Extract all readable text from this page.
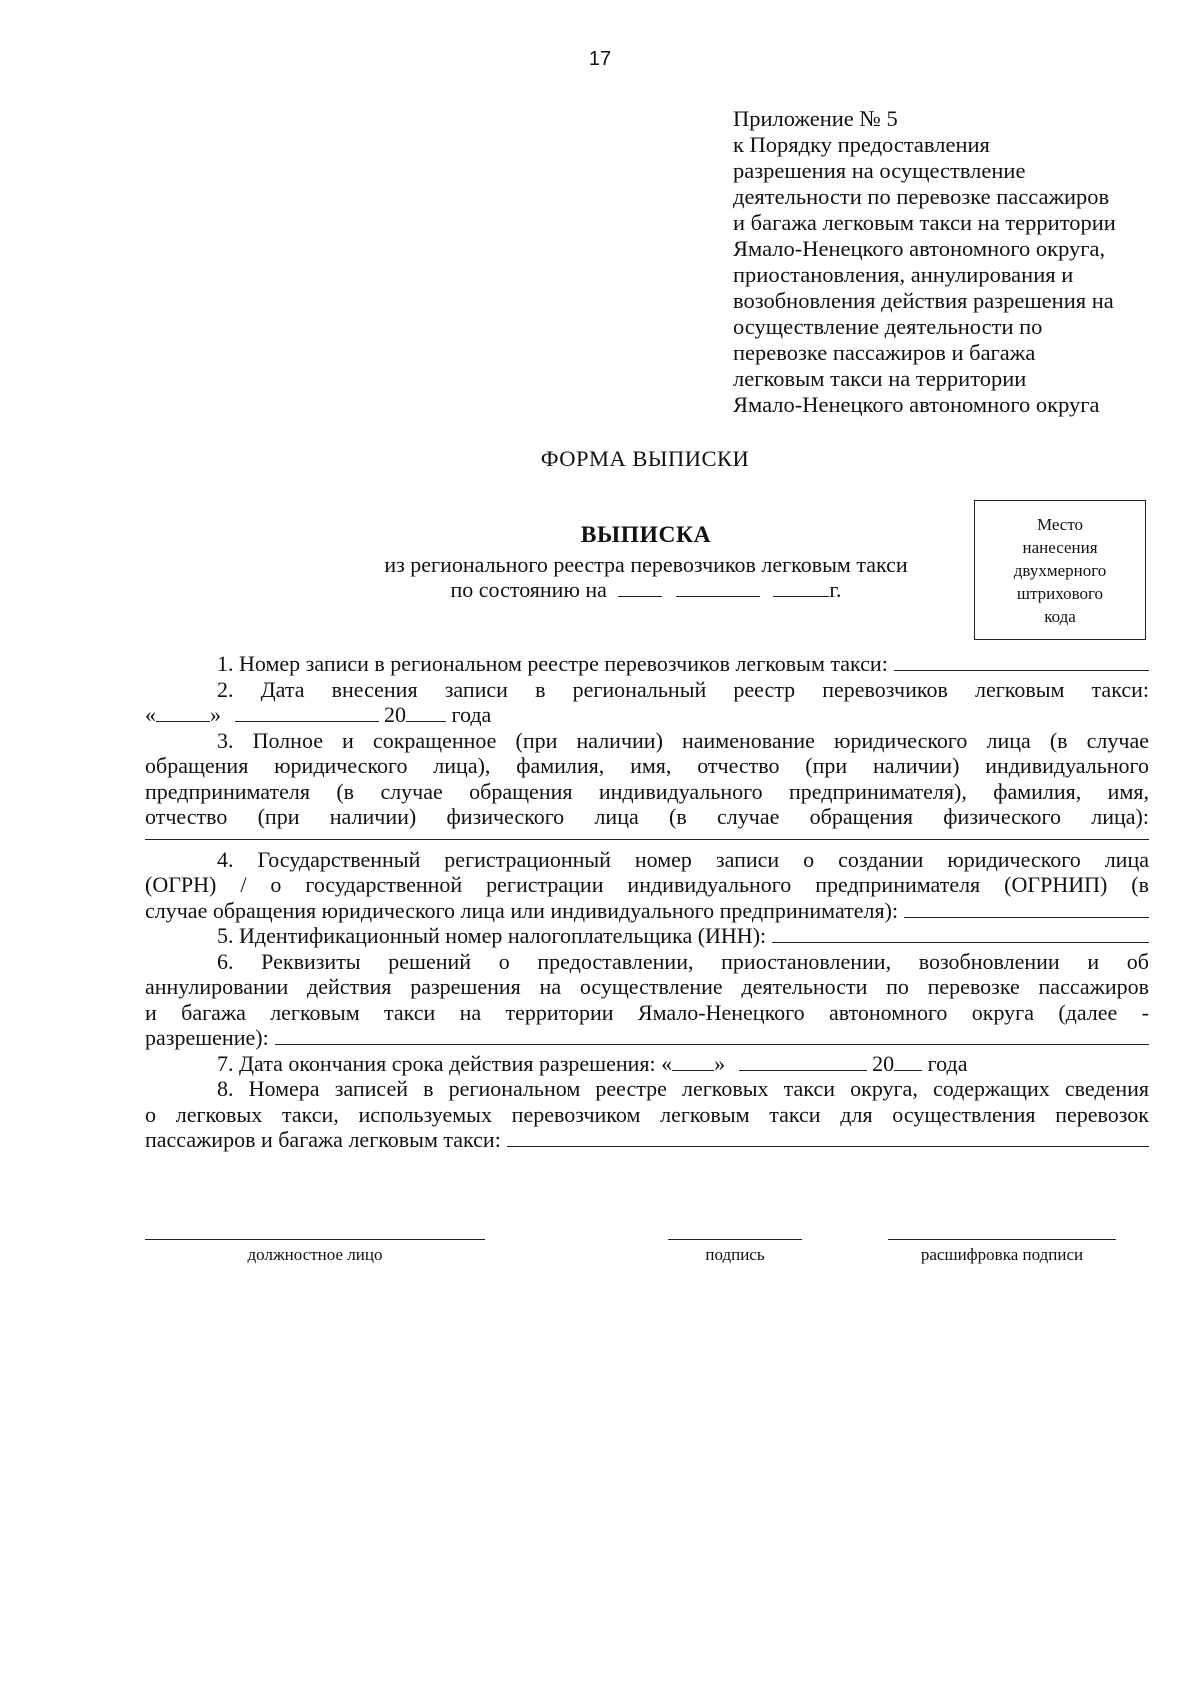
17
Приложение № 5
к Порядку предоставления
разрешения на осуществление
деятельности по перевозке пассажиров
и багажа легковым такси на территории
Ямало-Ненецкого автономного округа,
приостановления, аннулирования и
возобновления действия разрешения на
осуществление деятельности по
перевозке пассажиров и багажа
легковым такси на территории
Ямало-Ненецкого автономного округа
ФОРМА ВЫПИСКИ
Место
нанесения
двухмерного
штрихового
кода
ВЫПИСКА
из регионального реестра перевозчиков легковым такси
по состоянию на	г.
1. Номер записи в региональном реестре перевозчиков легковым такси:
2. Дата внесения записи в региональный реестр перевозчиков легковым такси:
« »	20 года
3. Полное и сокращенное (при наличии) наименование юридического лица (в случае
обращения юридического лица), фамилия, имя, отчество (при наличии) индивидуального
предпринимателя (в случае обращения индивидуального предпринимателя), фамилия, имя,
отчество (при наличии) физического лица (в случае обращения физического лица):
4. Государственный регистрационный номер записи о создании юридического лица
(ОГРН) / о государственной регистрации индивидуального предпринимателя (ОГРНИП) (в
случае обращения юридического лица или индивидуального предпринимателя):
5. Идентификационный номер налогоплательщика (ИНН):
6. Реквизиты решений о предоставлении, приостановлении, возобновлении и об
аннулировании действия разрешения на осуществление деятельности по перевозке пассажиров
и багажа легковым такси на территории Ямало-Ненецкого автономного округа (далее -
разрешение):
7. Дата окончания срока действия разрешения: « »	20 года
8. Номера записей в региональном реестре легковых такси округа, содержащих сведения
о легковых такси, используемых перевозчиком легковым такси для осуществления перевозок
пассажиров и багажа легковым такси:
должностное лицо	подпись	расшифровка подписи
